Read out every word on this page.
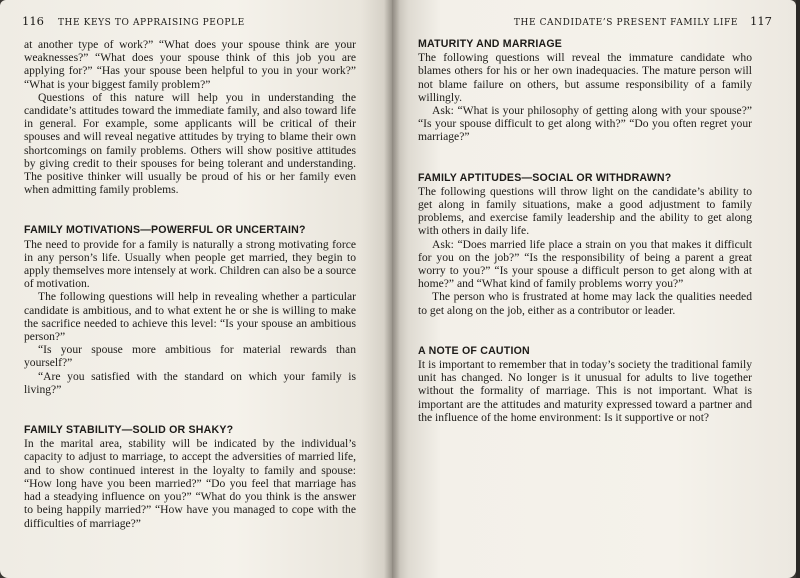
116 THE KEYS TO APPRAISING PEOPLE

at another type of work?” “What does your spouse think are your weaknesses?” “What does your spouse think of this job you are applying for?” “Has your spouse been helpful to you in your work?” “What is your biggest family problem?”

Questions of this nature will help you in understanding the candidate’s attitudes toward the immediate family, and also toward life in general. For example, some applicants will be critical of their spouses and will reveal negative attitudes by trying to blame their own shortcomings on family problems. Others will show positive attitudes by giving credit to their spouses for being tolerant and understanding. The positive thinker will usually be proud of his or her family even when admitting family problems.

FAMILY MOTIVATIONS—POWERFUL OR UNCERTAIN?

The need to provide for a family is naturally a strong motivating force in any person’s life. Usually when people get married, they begin to apply themselves more intensely at work. Children can also be a source of motivation.

The following questions will help in revealing whether a particular candidate is ambitious, and to what extent he or she is willing to make the sacrifice needed to achieve this level: “Is your spouse an ambitious person?”

“Is your spouse more ambitious for material rewards than yourself?”

“Are you satisfied with the standard on which your family is living?”

FAMILY STABILITY—SOLID OR SHAKY?

In the marital area, stability will be indicated by the individual’s capacity to adjust to marriage, to accept the adversities of married life, and to show continued interest in the loyalty to family and spouse: “How long have you been married?” “Do you feel that marriage has had a steadying influence on you?” “What do you think is the answer to being happily married?” “How have you managed to cope with the difficulties of marriage?”

THE CANDIDATE’S PRESENT FAMILY LIFE 117
MATURITY AND MARRIAGE

The following questions will reveal the immature candidate who blames others for his or her own inadequacies. The mature person will not blame failure on others, but assume responsibility of a family willingly.

Ask: “What is your philosophy of getting along with your spouse?” “Is your spouse difficult to get along with?” “Do you often regret your marriage?”

FAMILY APTITUDES—SOCIAL OR WITHDRAWN?

The following questions will throw light on the candidate’s ability to get along in family situations, make a good adjustment to family problems, and exercise family leadership and the ability to get along with others in daily life.

Ask: “Does married life place a strain on you that makes it difficult for you on the job?” “Is the responsibility of being a parent a great worry to you?” “Is your spouse a difficult person to get along with at home?” and “What kind of family problems worry you?”

The person who is frustrated at home may lack the qualities needed to get along on the job, either as a contributor or leader.

A NOTE OF CAUTION

It is important to remember that in today’s society the traditional family unit has changed. No longer is it unusual for adults to live together without the formality of marriage. This is not important. What is important are the attitudes and maturity expressed toward a partner and the influence of the home environment: Is it supportive or not?
